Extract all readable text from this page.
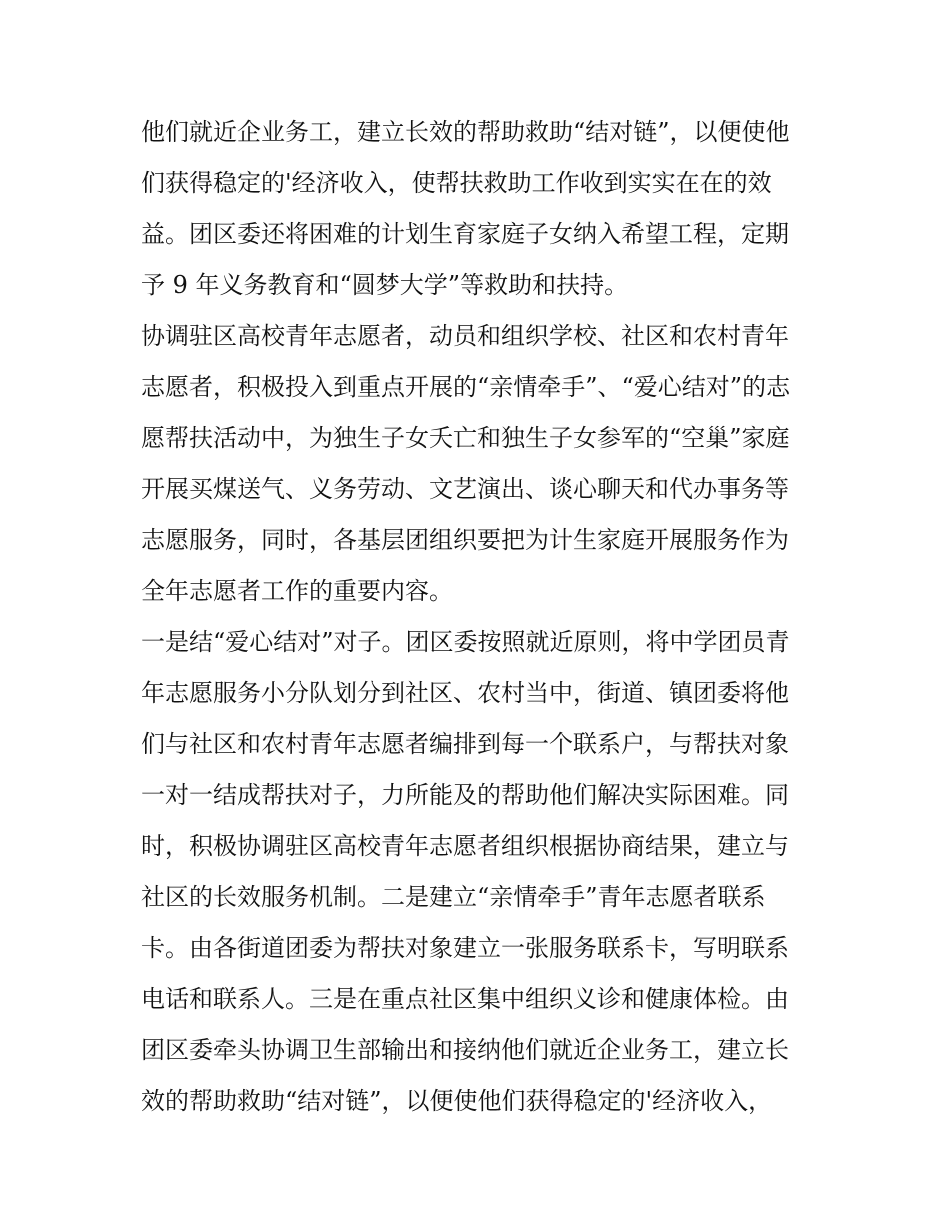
他们就近企业务工，建立长效的帮助救助“结对链”，以便使他
们获得稳定的'经济收入，使帮扶救助工作收到实实在在的效
益。团区委还将困难的计划生育家庭子女纳入希望工程，定期
予 9 年义务教育和“圆梦大学”等救助和扶持。
协调驻区高校青年志愿者，动员和组织学校、社区和农村青年
志愿者，积极投入到重点开展的“亲情牵手”、“爱心结对”的志
愿帮扶活动中，为独生子女夭亡和独生子女参军的“空巢”家庭
开展买煤送气、义务劳动、文艺演出、谈心聊天和代办事务等
志愿服务，同时，各基层团组织要把为计生家庭开展服务作为
全年志愿者工作的重要内容。
一是结“爱心结对”对子。团区委按照就近原则，将中学团员青
年志愿服务小分队划分到社区、农村当中，街道、镇团委将他
们与社区和农村青年志愿者编排到每一个联系户，与帮扶对象
一对一结成帮扶对子，力所能及的帮助他们解决实际困难。同
时，积极协调驻区高校青年志愿者组织根据协商结果，建立与
社区的长效服务机制。二是建立“亲情牵手”青年志愿者联系
卡。由各街道团委为帮扶对象建立一张服务联系卡，写明联系
电话和联系人。三是在重点社区集中组织义诊和健康体检。由
团区委牵头协调卫生部输出和接纳他们就近企业务工，建立长
效的帮助救助“结对链”，以便使他们获得稳定的'经济收入，
